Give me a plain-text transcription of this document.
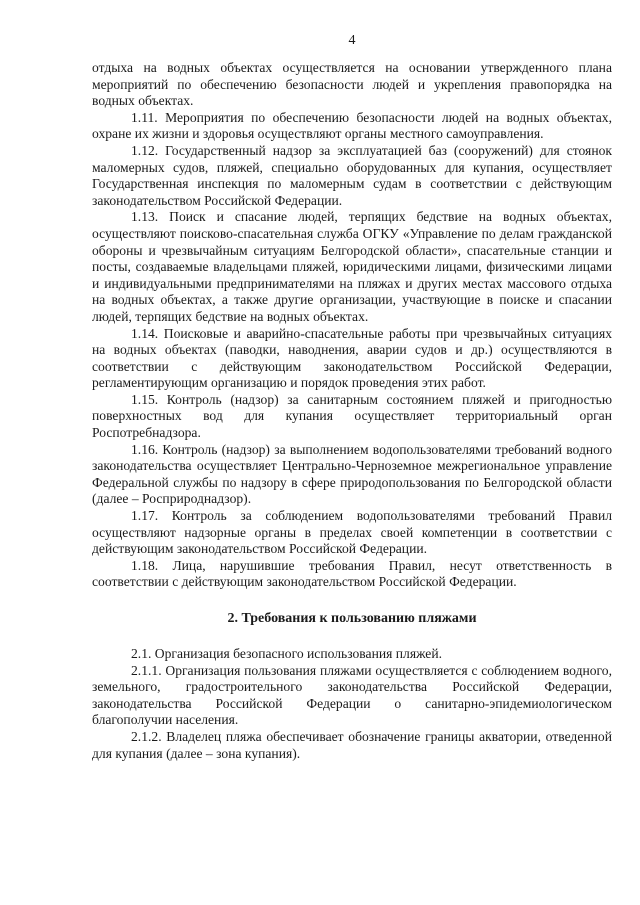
4

отдыха на водных объектах осуществляется на основании утвержденного плана мероприятий по обеспечению безопасности людей и укрепления правопорядка на водных объектах.

1.11. Мероприятия по обеспечению безопасности людей на водных объектах, охране их жизни и здоровья осуществляют органы местного самоуправления.

1.12. Государственный надзор за эксплуатацией баз (сооружений) для стоянок маломерных судов, пляжей, специально оборудованных для купания, осуществляет Государственная инспекция по маломерным судам в соответствии с действующим законодательством Российской Федерации.

1.13. Поиск и спасание людей, терпящих бедствие на водных объектах, осуществляют поисково-спасательная служба ОГКУ «Управление по делам гражданской обороны и чрезвычайным ситуациям Белгородской области», спасательные станции и посты, создаваемые владельцами пляжей, юридическими лицами, физическими лицами и индивидуальными предпринимателями на пляжах и других местах массового отдыха на водных объектах, а также другие организации, участвующие в поиске и спасании людей, терпящих бедствие на водных объектах.

1.14. Поисковые и аварийно-спасательные работы при чрезвычайных ситуациях на водных объектах (паводки, наводнения, аварии судов и др.) осуществляются в соответствии с действующим законодательством Российской Федерации, регламентирующим организацию и порядок проведения этих работ.

1.15. Контроль (надзор) за санитарным состоянием пляжей и пригодностью поверхностных вод для купания осуществляет территориальный орган Роспотребнадзора.

1.16. Контроль (надзор) за выполнением водопользователями требований водного законодательства осуществляет Центрально-Черноземное межрегиональное управление Федеральной службы по надзору в сфере природопользования по Белгородской области (далее – Росприроднадзор).

1.17. Контроль за соблюдением водопользователями требований Правил осуществляют надзорные органы в пределах своей компетенции в соответствии с действующим законодательством Российской Федерации.

1.18. Лица, нарушившие требования Правил, несут ответственность в соответствии с действующим законодательством Российской Федерации.

2. Требования к пользованию пляжами

2.1. Организация безопасного использования пляжей.

2.1.1. Организация пользования пляжами осуществляется с соблюдением водного, земельного, градостроительного законодательства Российской Федерации, законодательства Российской Федерации о санитарно-эпидемиологическом благополучии населения.

2.1.2. Владелец пляжа обеспечивает обозначение границы акватории, отведенной для купания (далее – зона купания).
